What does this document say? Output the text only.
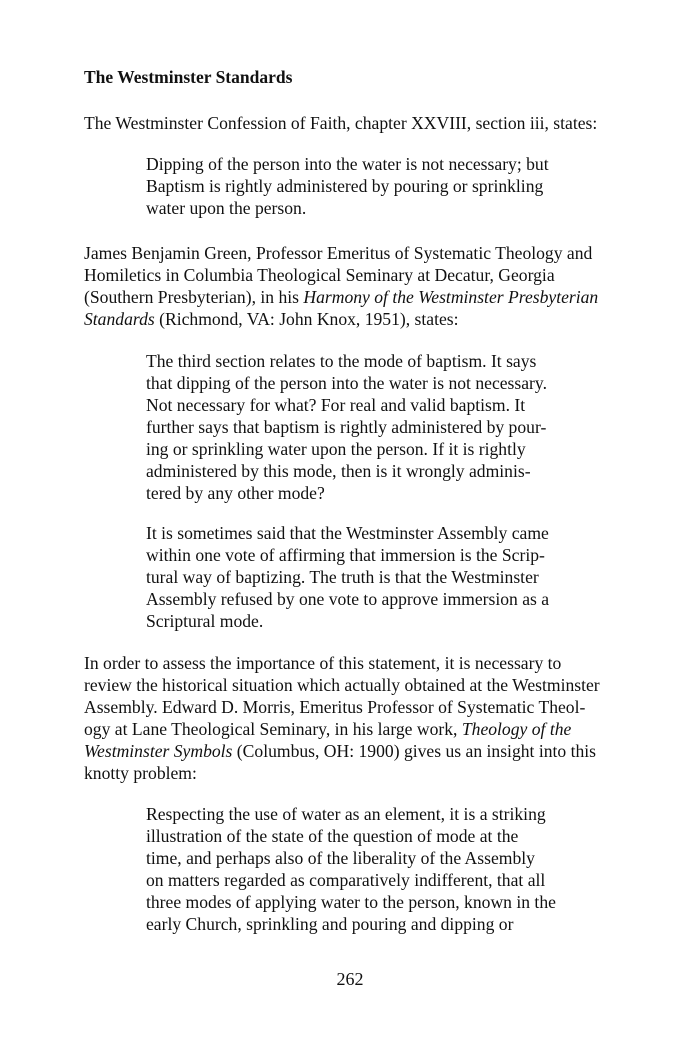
The Westminster Standards

The Westminster Confession of Faith, chapter XXVIII, section iii, states:

Dipping of the person into the water is not necessary; but
Baptism is rightly administered by pouring or sprinkling
water upon the person.

James Benjamin Green, Professor Emeritus of Systematic Theology and
Homiletics in Columbia Theological Seminary at Decatur, Georgia
(Southern Presbyterian), in his Harmony of the Westminster Presbyterian
Standards (Richmond, VA: John Knox, 1951), states:

The third section relates to the mode of baptism. It says
that dipping of the person into the water is not necessary.
Not necessary for what? For real and valid baptism. It
further says that baptism is rightly administered by pour-
ing or sprinkling water upon the person. If it is rightly
administered by this mode, then is it wrongly adminis-
tered by any other mode?

It is sometimes said that the Westminster Assembly came
within one vote of affirming that immersion is the Scrip-
tural way of baptizing. The truth is that the Westminster
Assembly refused by one vote to approve immersion as a
Scriptural mode.

In order to assess the importance of this statement, it is necessary to
review the historical situation which actually obtained at the Westminster
Assembly. Edward D. Morris, Emeritus Professor of Systematic Theol-
ogy at Lane Theological Seminary, in his large work, Theology of the
Westminster Symbols (Columbus, OH: 1900) gives us an insight into this
knotty problem:

Respecting the use of water as an element, it is a striking
illustration of the state of the question of mode at the
time, and perhaps also of the liberality of the Assembly
on matters regarded as comparatively indifferent, that all
three modes of applying water to the person, known in the
early Church, sprinkling and pouring and dipping or

262
